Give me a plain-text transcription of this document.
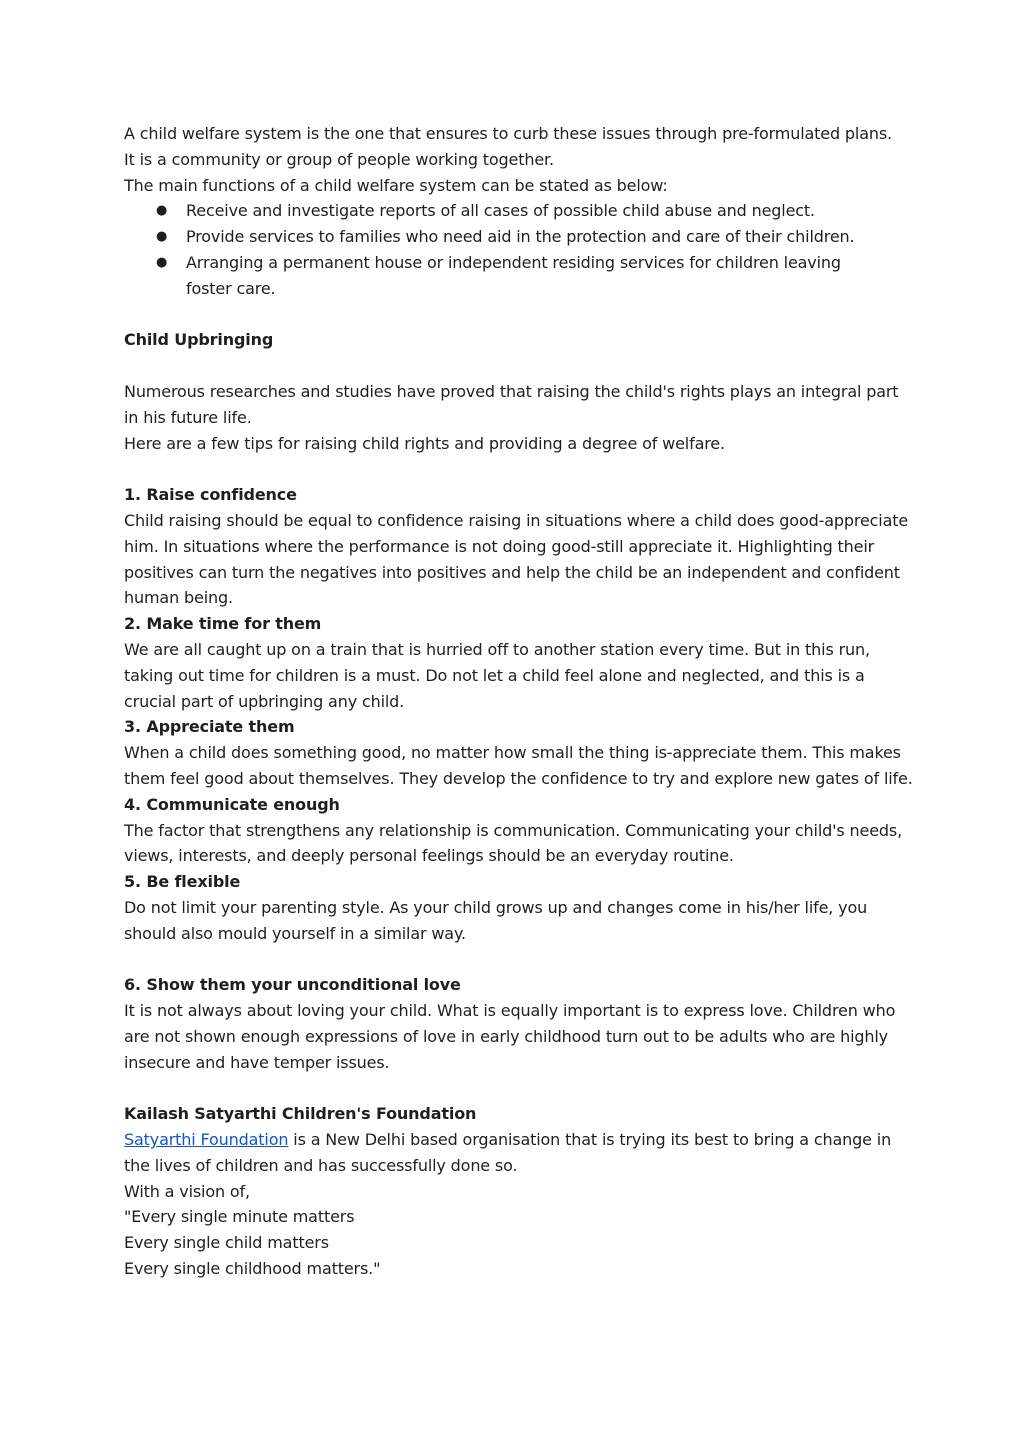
A child welfare system is the one that ensures to curb these issues through pre-formulated plans.
It is a community or group of people working together.
The main functions of a child welfare system can be stated as below:
● Receive and investigate reports of all cases of possible child abuse and neglect.
● Provide services to families who need aid in the protection and care of their children.
● Arranging a permanent house or independent residing services for children leaving foster care.
Child Upbringing
Numerous researches and studies have proved that raising the child's rights plays an integral part in his future life.
Here are a few tips for raising child rights and providing a degree of welfare.
1. Raise confidence
Child raising should be equal to confidence raising in situations where a child does good-appreciate him. In situations where the performance is not doing good-still appreciate it. Highlighting their positives can turn the negatives into positives and help the child be an independent and confident human being.
2. Make time for them
We are all caught up on a train that is hurried off to another station every time. But in this run, taking out time for children is a must. Do not let a child feel alone and neglected, and this is a crucial part of upbringing any child.
3. Appreciate them
When a child does something good, no matter how small the thing is-appreciate them. This makes them feel good about themselves. They develop the confidence to try and explore new gates of life.
4. Communicate enough
The factor that strengthens any relationship is communication. Communicating your child's needs, views, interests, and deeply personal feelings should be an everyday routine.
5. Be flexible
Do not limit your parenting style. As your child grows up and changes come in his/her life, you should also mould yourself in a similar way.
6. Show them your unconditional love
It is not always about loving your child. What is equally important is to express love. Children who are not shown enough expressions of love in early childhood turn out to be adults who are highly insecure and have temper issues.
Kailash Satyarthi Children's Foundation
Satyarthi Foundation is a New Delhi based organisation that is trying its best to bring a change in the lives of children and has successfully done so.
With a vision of,
"Every single minute matters
Every single child matters
Every single childhood matters."
